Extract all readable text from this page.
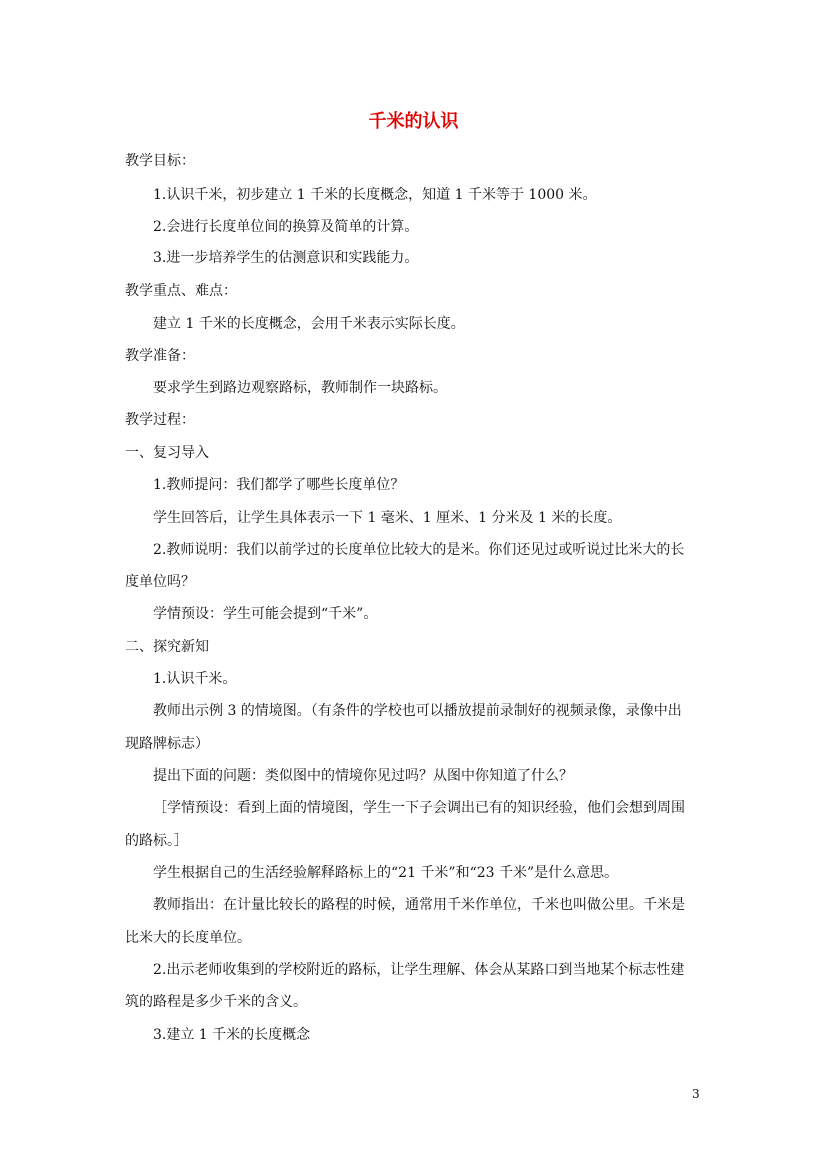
千米的认识

教学目标：

1.认识千米，初步建立 1 千米的长度概念，知道 1 千米等于 1000 米。

2.会进行长度单位间的换算及简单的计算。

3.进一步培养学生的估测意识和实践能力。

教学重点、难点：

建立 1 千米的长度概念，会用千米表示实际长度。

教学准备：

要求学生到路边观察路标，教师制作一块路标。

教学过程：

一、复习导入

1.教师提问：我们都学了哪些长度单位？

学生回答后，让学生具体表示一下 1 毫米、1 厘米、1 分米及 1 米的长度。

2.教师说明：我们以前学过的长度单位比较大的是米。你们还见过或听说过比米大的长

度单位吗？

学情预设：学生可能会提到“千米”。

二、探究新知

1.认识千米。

教师出示例 3 的情境图。（有条件的学校也可以播放提前录制好的视频录像，录像中出

现路牌标志）

提出下面的问题：类似图中的情境你见过吗？从图中你知道了什么？

［学情预设：看到上面的情境图，学生一下子会调出已有的知识经验，他们会想到周围

的路标。］

学生根据自己的生活经验解释路标上的“21 千米”和“23 千米”是什么意思。

教师指出：在计量比较长的路程的时候，通常用千米作单位，千米也叫做公里。千米是

比米大的长度单位。

2.出示老师收集到的学校附近的路标，让学生理解、体会从某路口到当地某个标志性建

筑的路程是多少千米的含义。

3.建立 1 千米的长度概念

3
